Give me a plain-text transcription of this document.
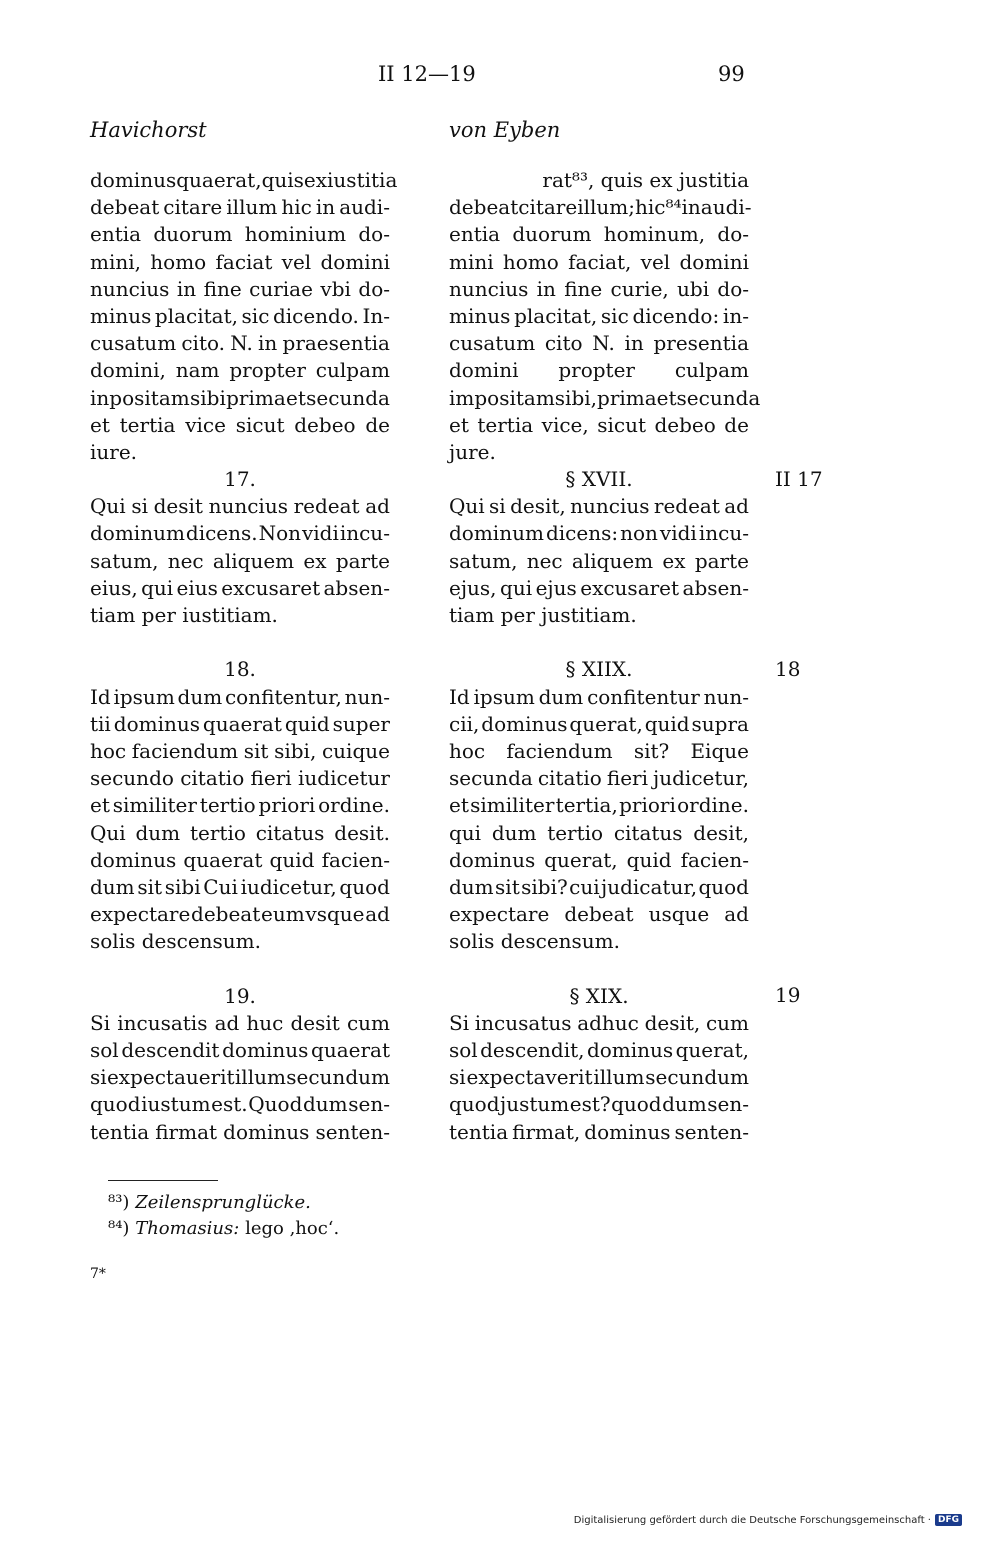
II 12—19	99
Havichorst	von Eyben
dominus quaerat, quis ex iustitia
debeat citare illum hic in audi-
entia duorum hominium do-
mini, homo faciat vel domini
nuncius in fine curiae vbi do-
minus placitat, sic dicendo. In-
cusatum cito. N. in praesentia
domini, nam propter culpam
inpositam sibi prima et secunda
et tertia vice sicut debeo de
iure.
17.
Qui si desit nuncius redeat ad
dominum dicens. Non vidi incu-
satum, nec aliquem ex parte
eius, qui eius excusaret absen-
tiam per iustitiam.
18.
Id ipsum dum confitentur, nun-
tii dominus quaerat quid super
hoc faciendum sit sibi, cuique
secundo citatio fieri iudicetur
et similiter tertio priori ordine.
Qui dum tertio citatus desit.
dominus quaerat quid facien-
dum sit sibi Cui iudicetur, quod
expectare debeat eum vsque ad
solis descensum.
19.
Si incusatis ad huc desit cum
sol descendit dominus quaerat
si expectauerit illum secundum
quod iustum est. Quod dum sen-
tentia firmat dominus senten-
rat⁸³, quis ex justitia
debeat citare illum; hic⁸⁴ inaudi-
entia duorum hominum, do-
mini homo faciat, vel domini
nuncius in fine curie, ubi do-
minus placitat, sic dicendo: in-
cusatum cito N. in presentia
domini propter culpam
impositam sibi, prima et secunda
et tertia vice, sicut debeo de
jure.
§ XVII.
Qui si desit, nuncius redeat ad
dominum dicens: non vidi incu-
satum, nec aliquem ex parte
ejus, qui ejus excusaret absen-
tiam per justitiam.
§ XIIX.
Id ipsum dum confitentur nun-
cii, dominus querat, quid supra
hoc faciendum sit? Eique
secunda citatio fieri judicetur,
et similiter tertia, priori ordine.
qui dum tertio citatus desit,
dominus querat, quid facien-
dum sit sibi? cui judicatur, quod
expectare debeat usque ad
solis descensum.
§ XIX.
Si incusatus adhuc desit, cum
sol descendit, dominus querat,
si expectaverit illum secundum
quod justum est? quod dum sen-
tentia firmat, dominus senten-
II 17
18
19
⁸³) Zeilensprunglücke.
⁸⁴) Thomasius: lego ‚hoc‘.
7*
Digitalisierung gefördert durch die Deutsche Forschungsgemeinschaft · DFG
